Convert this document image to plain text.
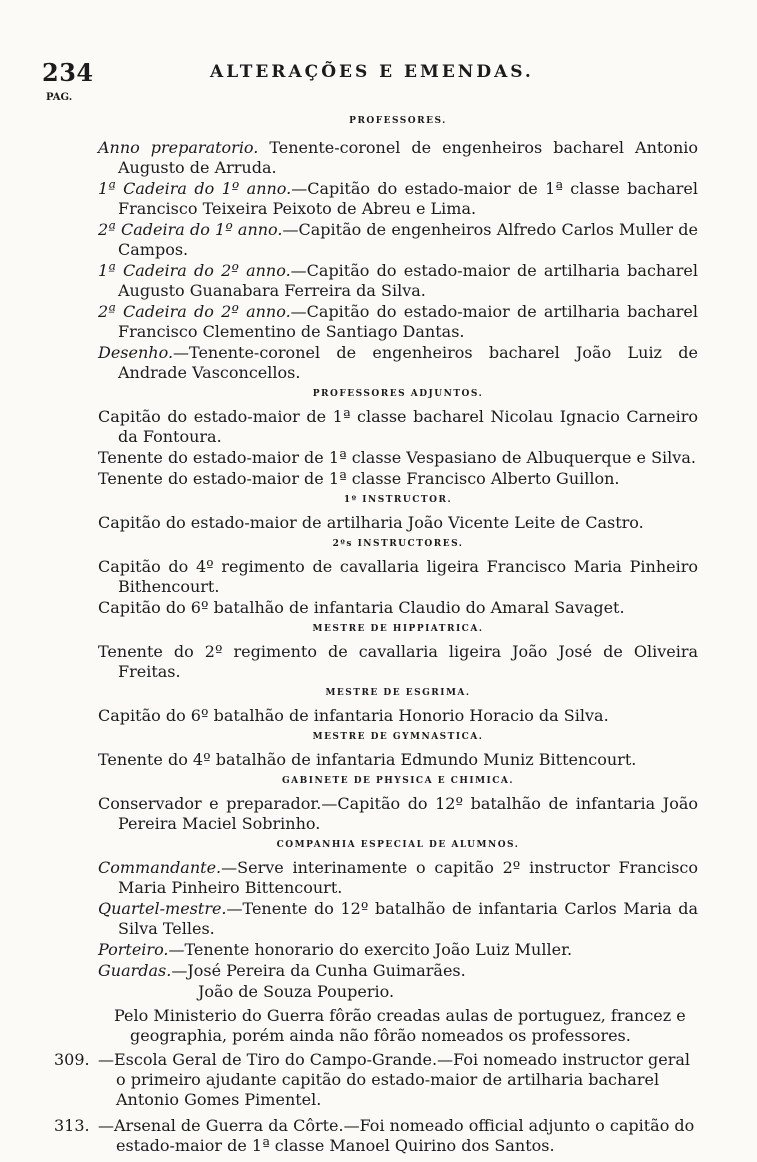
234	ALTERAÇÕES E EMENDAS.
PAG.
PROFESSORES.

Anno preparatorio. Tenente-coronel de engenheiros bacharel Antonio Augusto de Arruda.

1ª Cadeira do 1º anno.—Capitão do estado-maior de 1ª classe bacharel Francisco Teixeira Peixoto de Abreu e Lima.

2ª Cadeira do 1º anno.—Capitão de engenheiros Alfredo Carlos Muller de Campos.

1ª Cadeira do 2º anno.—Capitão do estado-maior de artilharia bacharel Augusto Guanabara Ferreira da Silva.

2ª Cadeira do 2º anno.—Capitão do estado-maior de artilharia bacharel Francisco Clementino de Santiago Dantas.

Desenho.—Tenente-coronel de engenheiros bacharel João Luiz de Andrade Vasconcellos.

PROFESSORES ADJUNTOS.

Capitão do estado-maior de 1ª classe bacharel Nicolau Ignacio Carneiro da Fontoura.

Tenente do estado-maior de 1ª classe Vespasiano de Albuquerque e Silva.

Tenente do estado-maior de 1ª classe Francisco Alberto Guillon.

1º INSTRUCTOR.

Capitão do estado-maior de artilharia João Vicente Leite de Castro.

2ºs INSTRUCTORES.

Capitão do 4º regimento de cavallaria ligeira Francisco Maria Pinheiro Bithencourt.

Capitão do 6º batalhão de infantaria Claudio do Amaral Savaget.

MESTRE DE HIPPIATRICA.

Tenente do 2º regimento de cavallaria ligeira João José de Oliveira Freitas.

MESTRE DE ESGRIMA.

Capitão do 6º batalhão de infantaria Honorio Horacio da Silva.

MESTRE DE GYMNASTICA.

Tenente do 4º batalhão de infantaria Edmundo Muniz Bittencourt.

GABINETE DE PHYSICA E CHIMICA.

Conservador e preparador.—Capitão do 12º batalhão de infantaria João Pereira Maciel Sobrinho.

COMPANHIA ESPECIAL DE ALUMNOS.

Commandante.—Serve interinamente o capitão 2º instructor Francisco Maria Pinheiro Bittencourt.

Quartel-mestre.—Tenente do 12º batalhão de infantaria Carlos Maria da Silva Telles.

Porteiro.—Tenente honorario do exercito João Luiz Muller.

Guardas.—José Pereira da Cunha Guimarães.

João de Souza Pouperio.

Pelo Ministerio do Guerra fôrão creadas aulas de portuguez, francez e geographia, porém ainda não fôrão nomeados os professores.

309. —Escola Geral de Tiro do Campo-Grande.—Foi nomeado instructor geral o primeiro ajudante capitão do estado-maior de artilharia bacharel Antonio Gomes Pimentel.

313. —Arsenal de Guerra da Côrte.—Foi nomeado official adjunto o capitão do estado-maior de 1ª classe Manoel Quirino dos Santos.
